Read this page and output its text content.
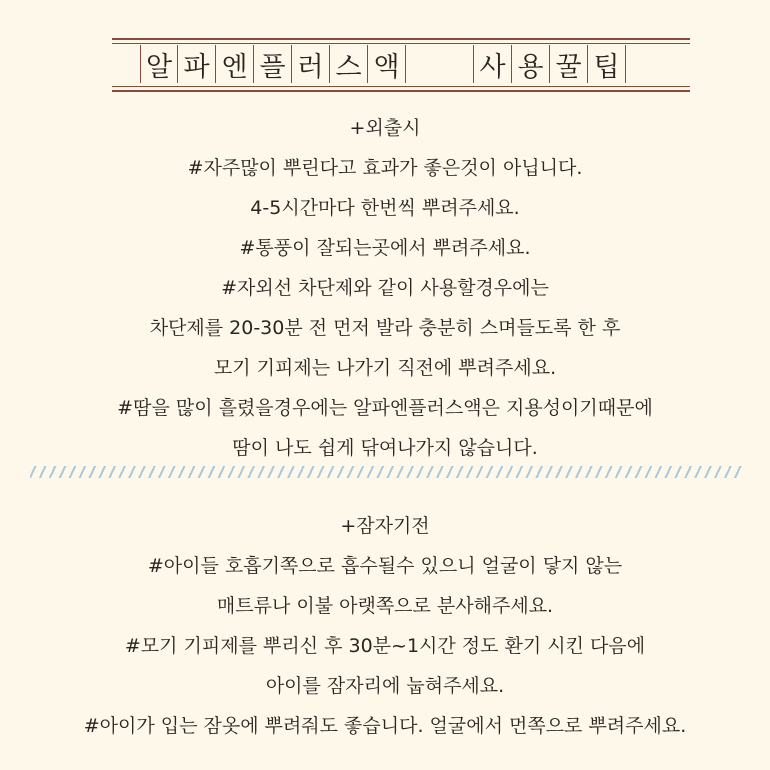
알 파 엔 플 러 스 액	사 용 꿀 팁
+외출시
#자주많이 뿌린다고 효과가 좋은것이 아닙니다.
4-5시간마다 한번씩 뿌려주세요.
#통풍이 잘되는곳에서 뿌려주세요.
#자외선 차단제와 같이 사용할경우에는
차단제를 20-30분 전 먼저 발라 충분히 스며들도록 한 후
모기 기피제는 나가기 직전에 뿌려주세요.
#땀을 많이 흘렸을경우에는 알파엔플러스액은 지용성이기때문에
땀이 나도 쉽게 닦여나가지 않습니다.
+잠자기전
#아이들 호흡기쪽으로 흡수될수 있으니 얼굴이 닿지 않는
매트류나 이불 아랫쪽으로 분사해주세요.
#모기 기피제를 뿌리신 후 30분~1시간 정도 환기 시킨 다음에
아이를 잠자리에 눕혀주세요.
#아이가 입는 잠옷에 뿌려줘도 좋습니다. 얼굴에서 먼쪽으로 뿌려주세요.
